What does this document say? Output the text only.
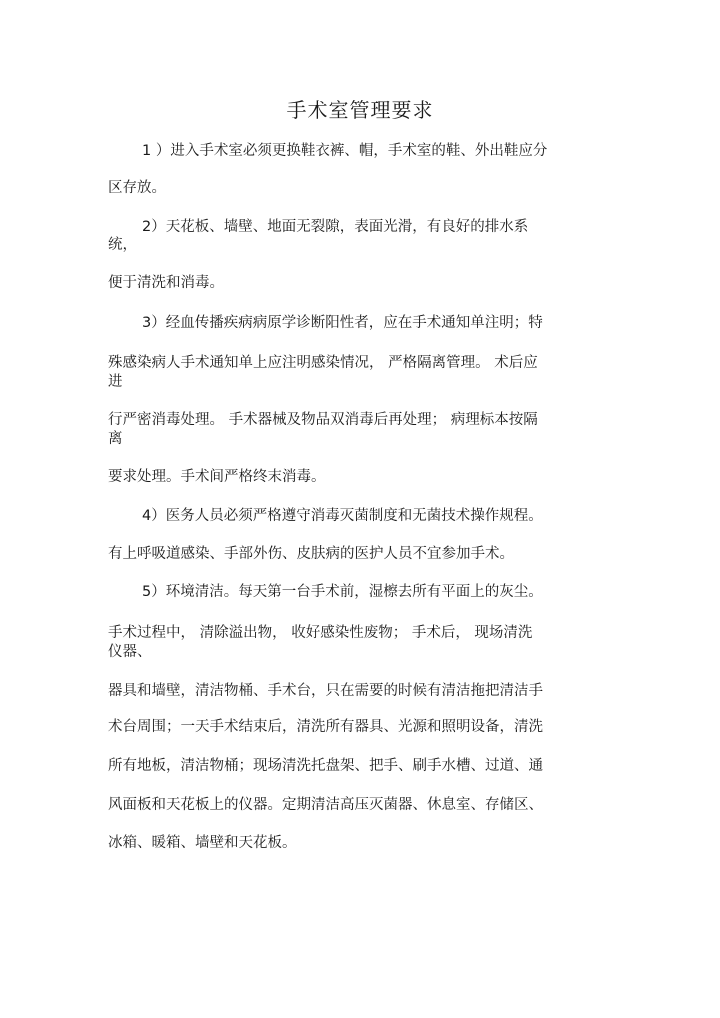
手术室管理要求
1 ）进入手术室必须更换鞋衣裤、帽，手术室的鞋、外出鞋应分
区存放。
2）天花板、墙壁、地面无裂隙，表面光滑，有良好的排水系
统，
便于清洗和消毒。
3）经血传播疾病病原学诊断阳性者，应在手术通知单注明；特
殊感染病人手术通知单上应注明感染情况， 严格隔离管理。 术后应
进
行严密消毒处理。 手术器械及物品双消毒后再处理； 病理标本按隔
离
要求处理。手术间严格终末消毒。
4）医务人员必须严格遵守消毒灭菌制度和无菌技术操作规程。
有上呼吸道感染、手部外伤、皮肤病的医护人员不宜参加手术。
5）环境清洁。每天第一台手术前，湿檫去所有平面上的灰尘。
手术过程中， 清除溢出物， 收好感染性废物； 手术后， 现场清洗
仪器、
器具和墙壁，清洁物桶、手术台，只在需要的时候有清洁拖把清洁手
术台周围；一天手术结束后，清洗所有器具、光源和照明设备，清洗
所有地板，清洁物桶；现场清洗托盘架、把手、刷手水槽、过道、通
风面板和天花板上的仪器。定期清洁高压灭菌器、休息室、存储区、
冰箱、暖箱、墙壁和天花板。
